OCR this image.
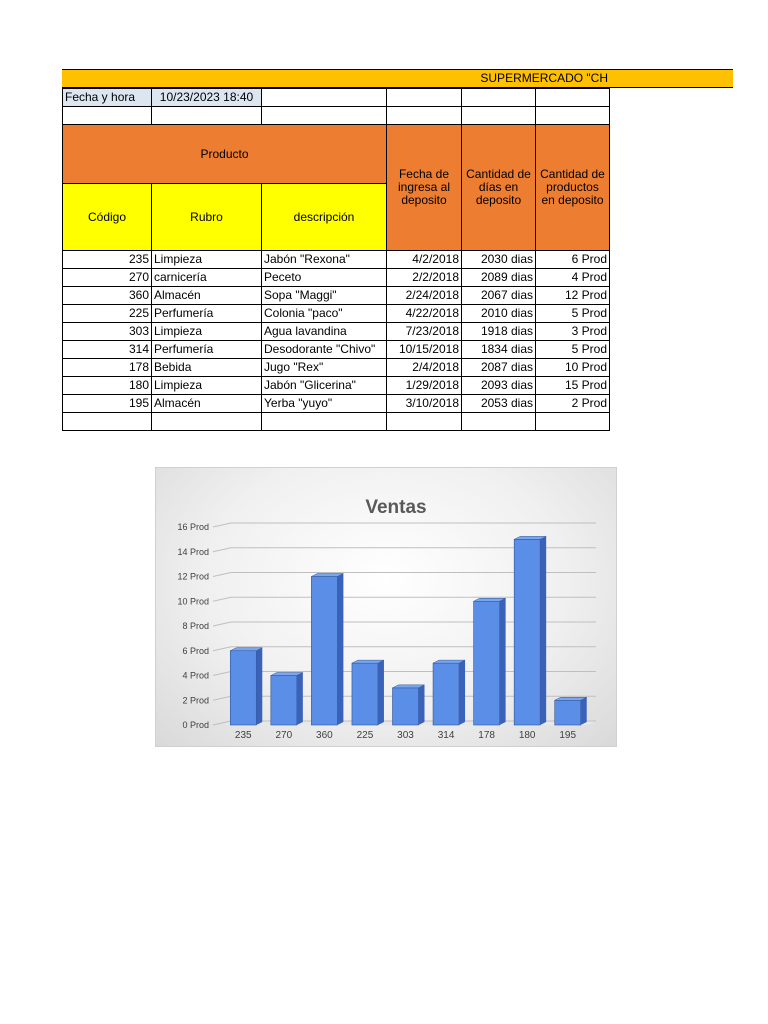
SUPERMERCADO "CH
Fecha y hora	10/23/2023 18:40				

Producto			Fecha de ingresa al deposito	Cantidad de días en deposito	Cantidad de productos en deposito
Código	Rubro	descripción			
235	Limpieza	Jabón "Rexona"	4/2/2018	2030 dias	6 Prod
270	carnicería	Peceto	2/2/2018	2089 dias	4 Prod
360	Almacén	Sopa "Maggi"	2/24/2018	2067 dias	12 Prod
225	Perfumería	Colonia "paco"	4/22/2018	2010 dias	5 Prod
303	Limpieza	Agua lavandina	7/23/2018	1918 dias	3 Prod
314	Perfumería	Desodorante "Chivo"	10/15/2018	1834 dias	5 Prod
178	Bebida	Jugo "Rex"	2/4/2018	2087 dias	10 Prod
180	Limpieza	Jabón "Glicerina"	1/29/2018	2093 dias	15 Prod
195	Almacén	Yerba "yuyo"	3/10/2018	2053 dias	2 Prod

Ventas
0 Prod
2 Prod
4 Prod
6 Prod
8 Prod
10 Prod
12 Prod
14 Prod
16 Prod
235 270 360 225 303 314 178 180 195
